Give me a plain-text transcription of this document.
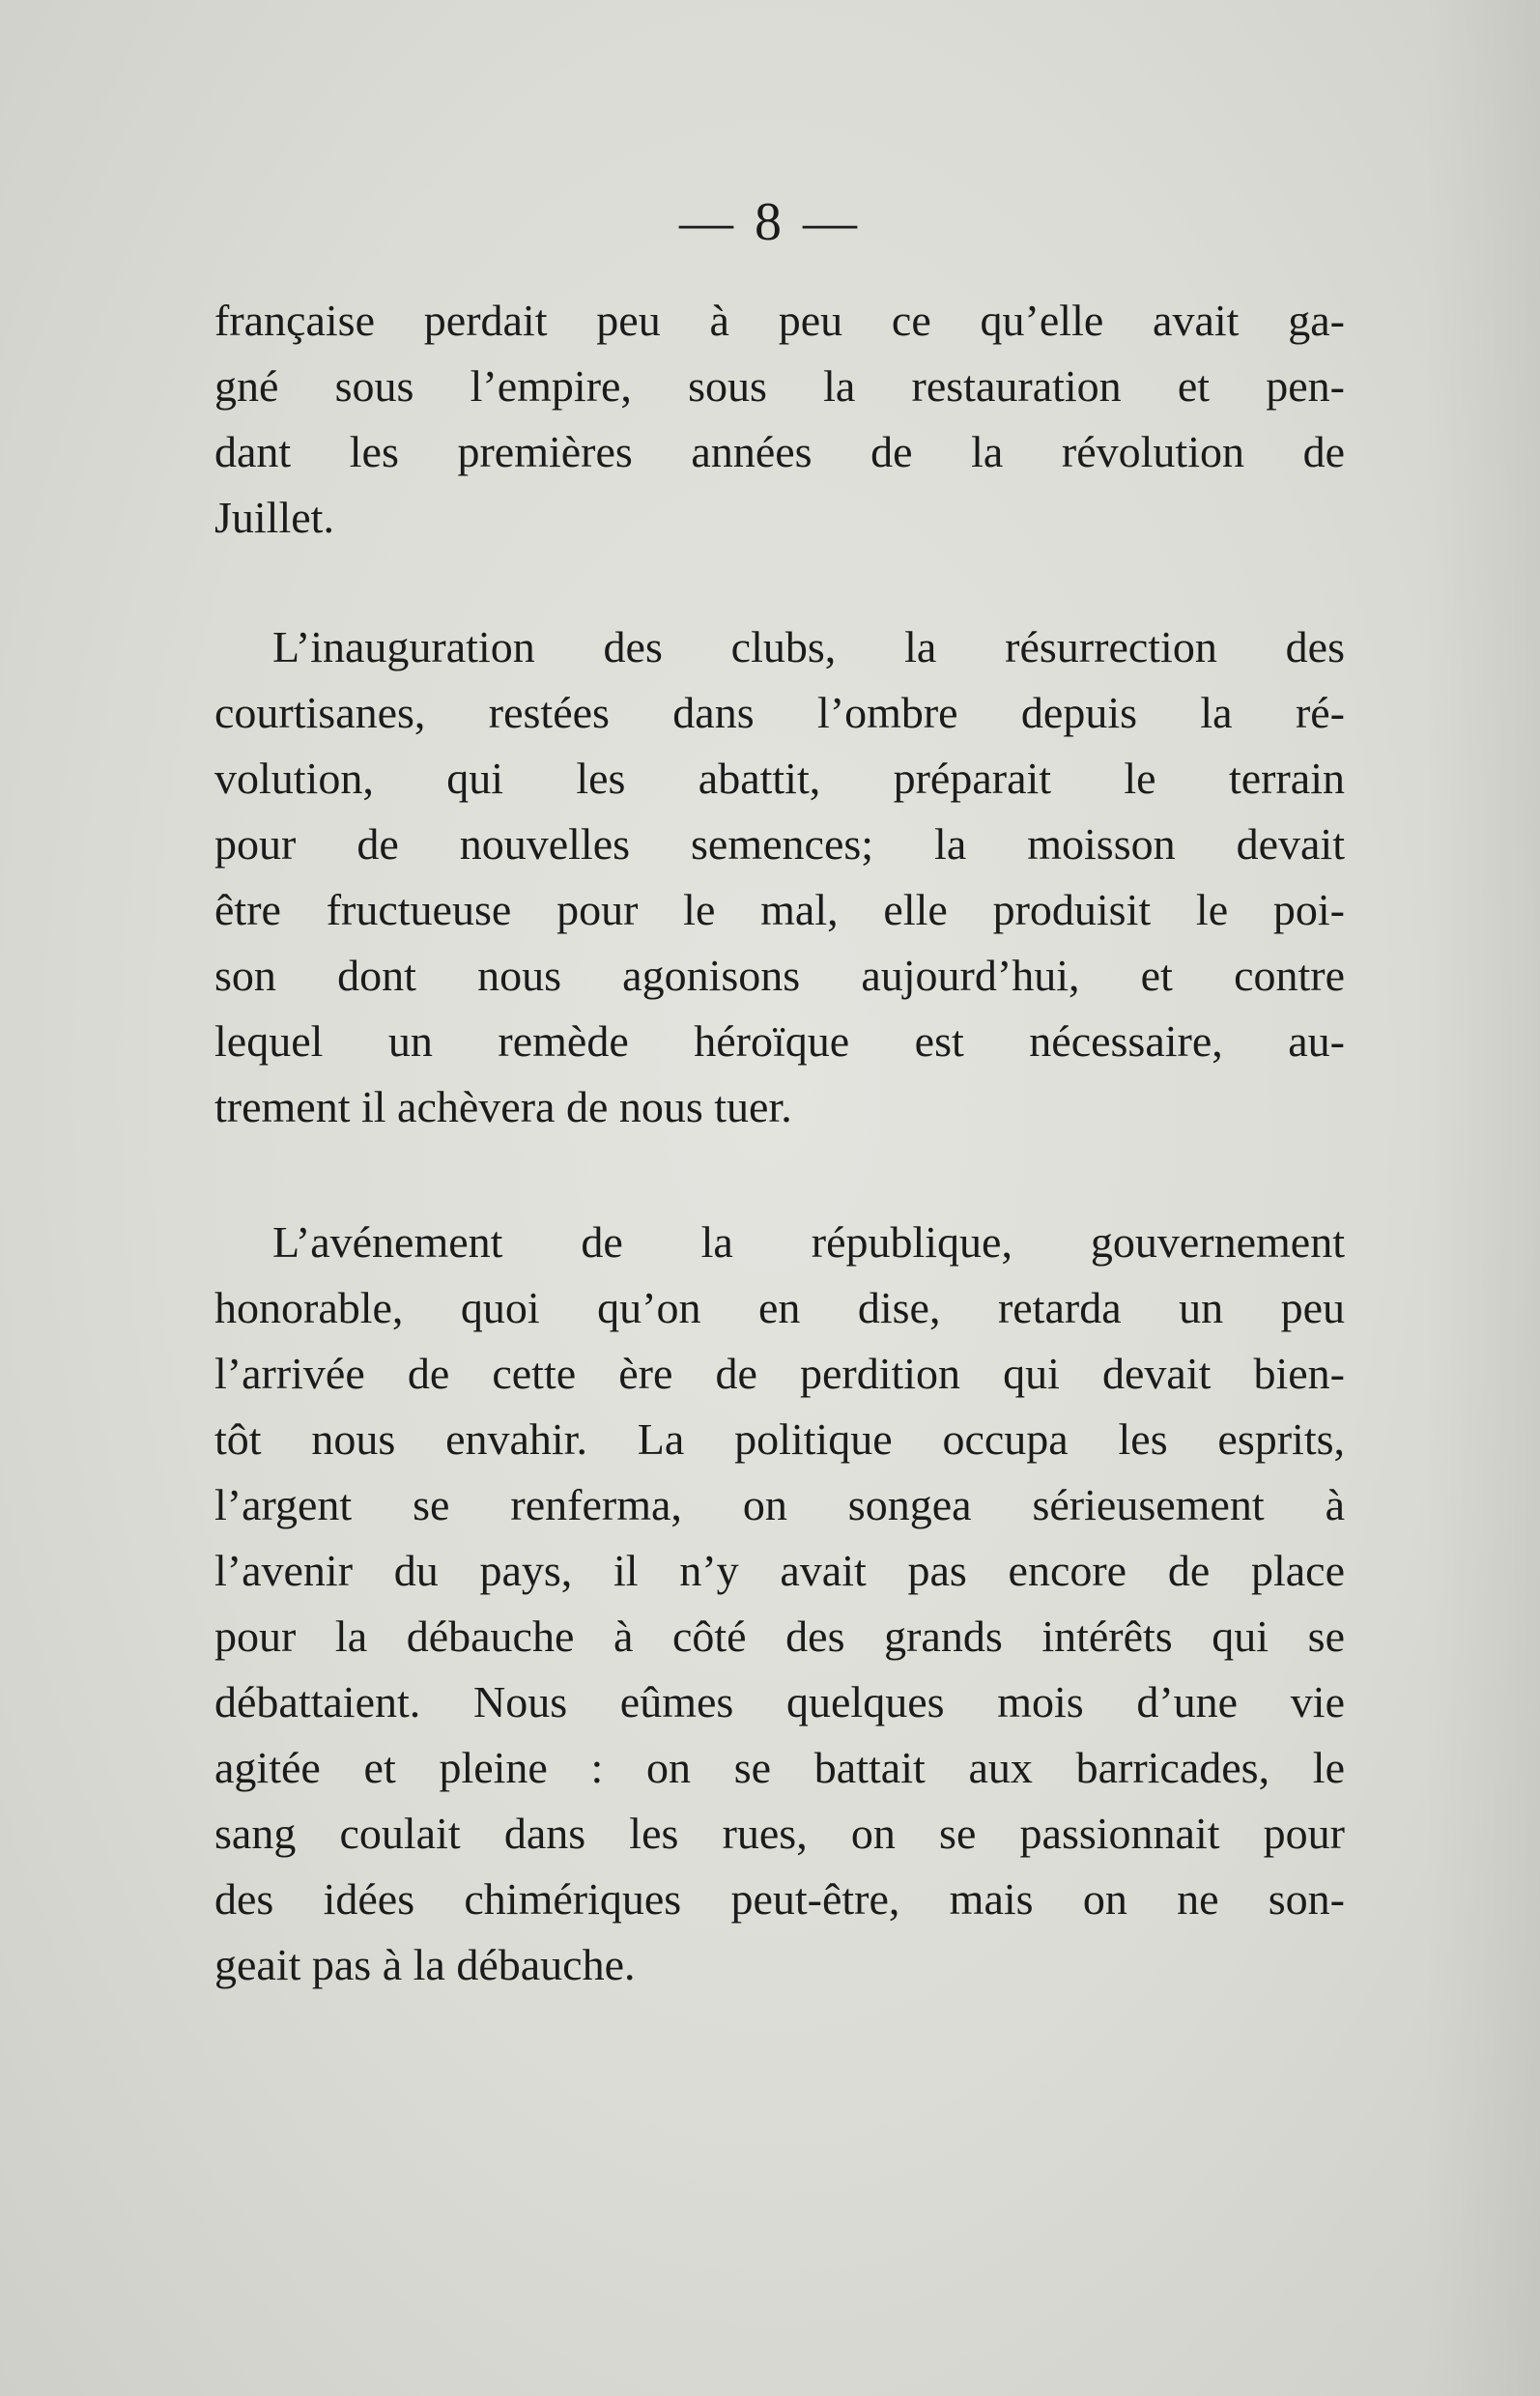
— 8 —
française perdait peu à peu ce qu’elle avait ga-
gné sous l’empire, sous la restauration et pen-
dant les premières années de la révolution de
Juillet.
L’inauguration des clubs, la résurrection des
courtisanes, restées dans l’ombre depuis la ré-
volution, qui les abattit, préparait le terrain
pour de nouvelles semences; la moisson devait
être fructueuse pour le mal, elle produisit le poi-
son dont nous agonisons aujourd’hui, et contre
lequel un remède héroïque est nécessaire, au-
trement il achèvera de nous tuer.
L’avénement de la république, gouvernement
honorable, quoi qu’on en dise, retarda un peu
l’arrivée de cette ère de perdition qui devait bien-
tôt nous envahir. La politique occupa les esprits,
l’argent se renferma, on songea sérieusement à
l’avenir du pays, il n’y avait pas encore de place
pour la débauche à côté des grands intérêts qui se
débattaient. Nous eûmes quelques mois d’une vie
agitée et pleine : on se battait aux barricades, le
sang coulait dans les rues, on se passionnait pour
des idées chimériques peut-être, mais on ne son-
geait pas à la débauche.
